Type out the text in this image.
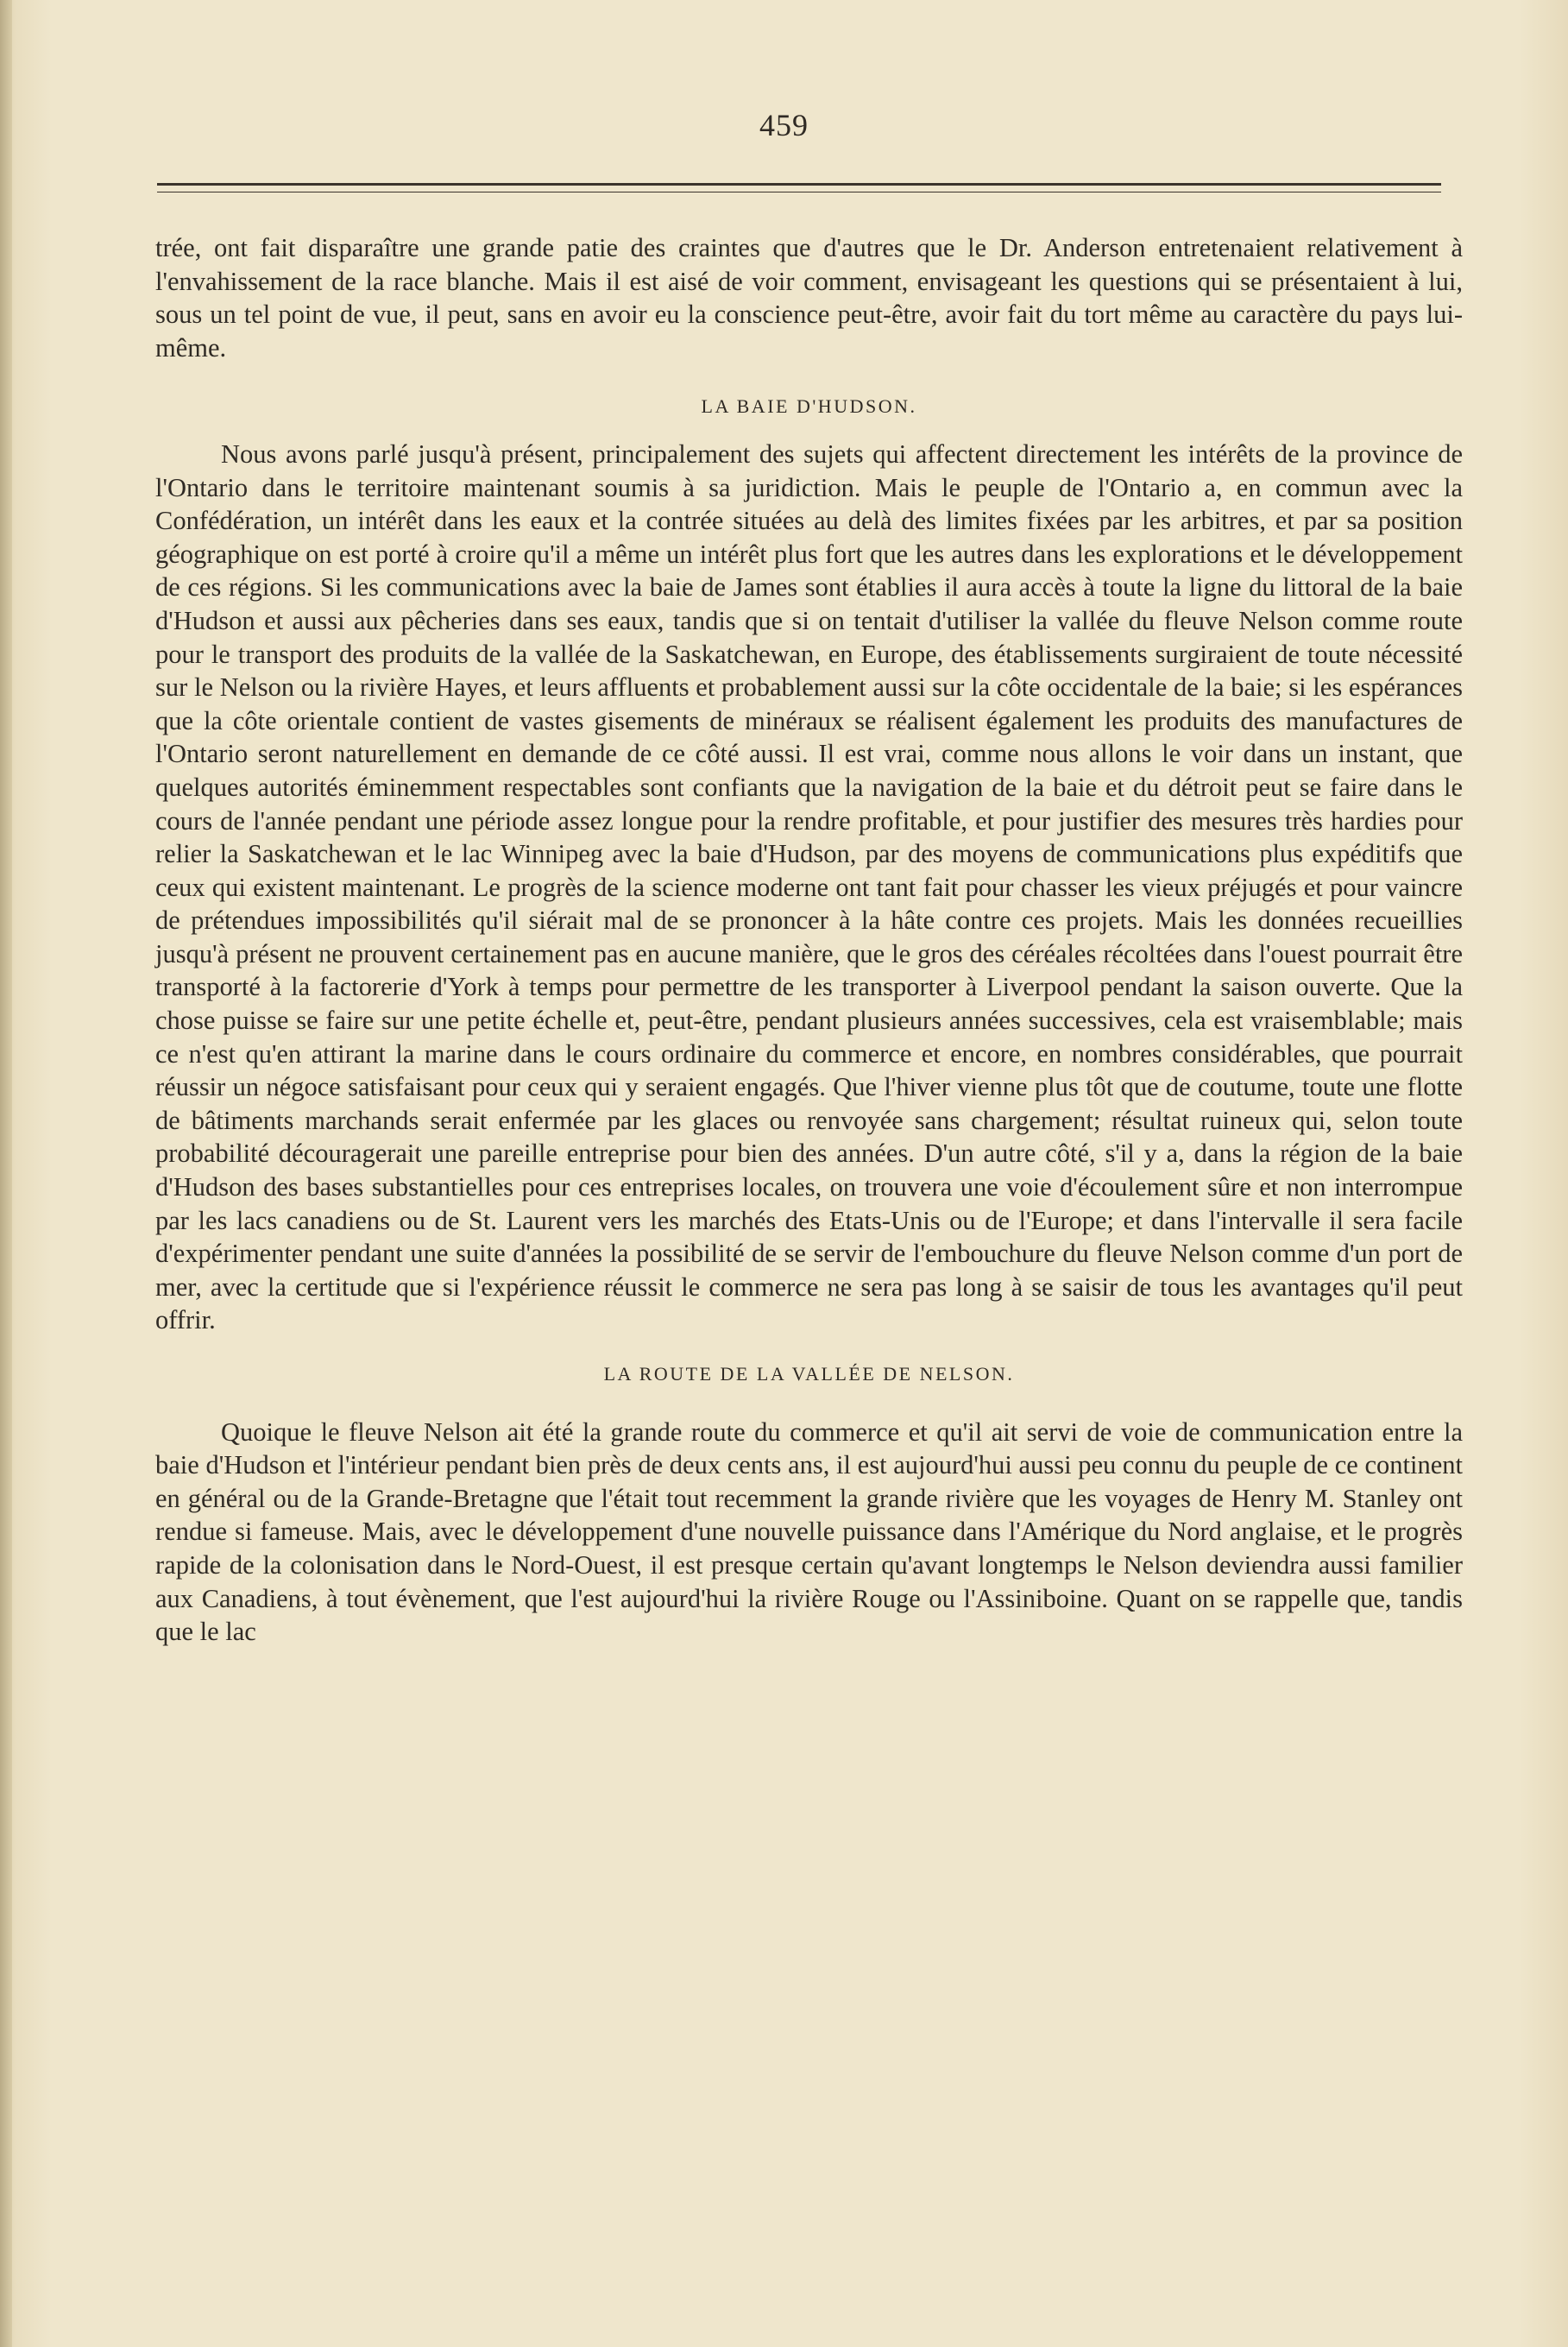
459

trée, ont fait disparaître une grande patie des craintes que d'autres que le Dr. Anderson entretenaient relativement à l'envahissement de la race blanche. Mais il est aisé de voir comment, envisageant les questions qui se présentaient à lui, sous un tel point de vue, il peut, sans en avoir eu la conscience peut-être, avoir fait du tort même au caractère du pays lui-même.

LA BAIE D'HUDSON.

Nous avons parlé jusqu'à présent, principalement des sujets qui affectent directement les intérêts de la province de l'Ontario dans le territoire maintenant soumis à sa juridiction. Mais le peuple de l'Ontario a, en commun avec la Confédération, un intérêt dans les eaux et la contrée situées au delà des limites fixées par les arbitres, et par sa position géographique on est porté à croire qu'il a même un intérêt plus fort que les autres dans les explorations et le développement de ces régions. Si les communications avec la baie de James sont établies il aura accès à toute la ligne du littoral de la baie d'Hudson et aussi aux pêcheries dans ses eaux, tandis que si on tentait d'utiliser la vallée du fleuve Nelson comme route pour le transport des produits de la vallée de la Saskatchewan, en Europe, des établissements surgiraient de toute nécessité sur le Nelson ou la rivière Hayes, et leurs affluents et probablement aussi sur la côte occidentale de la baie; si les espérances que la côte orientale contient de vastes gisements de minéraux se réalisent également les produits des manufactures de l'Ontario seront naturellement en demande de ce côté aussi. Il est vrai, comme nous allons le voir dans un instant, que quelques autorités éminemment respectables sont confiants que la navigation de la baie et du détroit peut se faire dans le cours de l'année pendant une période assez longue pour la rendre profitable, et pour justifier des mesures très hardies pour relier la Saskatchewan et le lac Winnipeg avec la baie d'Hudson, par des moyens de communications plus expéditifs que ceux qui existent maintenant. Le progrès de la science moderne ont tant fait pour chasser les vieux préjugés et pour vaincre de prétendues impossibilités qu'il siérait mal de se prononcer à la hâte contre ces projets. Mais les données recueillies jusqu'à présent ne prouvent certainement pas en aucune manière, que le gros des céréales récoltées dans l'ouest pourrait être transporté à la factorerie d'York à temps pour permettre de les transporter à Liverpool pendant la saison ouverte. Que la chose puisse se faire sur une petite échelle et, peut-être, pendant plusieurs années successives, cela est vraisemblable; mais ce n'est qu'en attirant la marine dans le cours ordinaire du commerce et encore, en nombres considérables, que pourrait réussir un négoce satisfaisant pour ceux qui y seraient engagés. Que l'hiver vienne plus tôt que de coutume, toute une flotte de bâtiments marchands serait enfermée par les glaces ou renvoyée sans chargement; résultat ruineux qui, selon toute probabilité découragerait une pareille entreprise pour bien des années. D'un autre côté, s'il y a, dans la région de la baie d'Hudson des bases substantielles pour ces entreprises locales, on trouvera une voie d'écoulement sûre et non interrompue par les lacs canadiens ou de St. Laurent vers les marchés des Etats-Unis ou de l'Europe; et dans l'intervalle il sera facile d'expérimenter pendant une suite d'années la possibilité de se servir de l'embouchure du fleuve Nelson comme d'un port de mer, avec la certitude que si l'expérience réussit le commerce ne sera pas long à se saisir de tous les avantages qu'il peut offrir.

LA ROUTE DE LA VALLÉE DE NELSON.

Quoique le fleuve Nelson ait été la grande route du commerce et qu'il ait servi de voie de communication entre la baie d'Hudson et l'intérieur pendant bien près de deux cents ans, il est aujourd'hui aussi peu connu du peuple de ce continent en général ou de la Grande-Bretagne que l'était tout recemment la grande rivière que les voyages de Henry M. Stanley ont rendue si fameuse. Mais, avec le développement d'une nouvelle puissance dans l'Amérique du Nord anglaise, et le progrès rapide de la colonisation dans le Nord-Ouest, il est presque certain qu'avant longtemps le Nelson deviendra aussi familier aux Canadiens, à tout évènement, que l'est aujourd'hui la rivière Rouge ou l'Assiniboine. Quant on se rappelle que, tandis que le lac
